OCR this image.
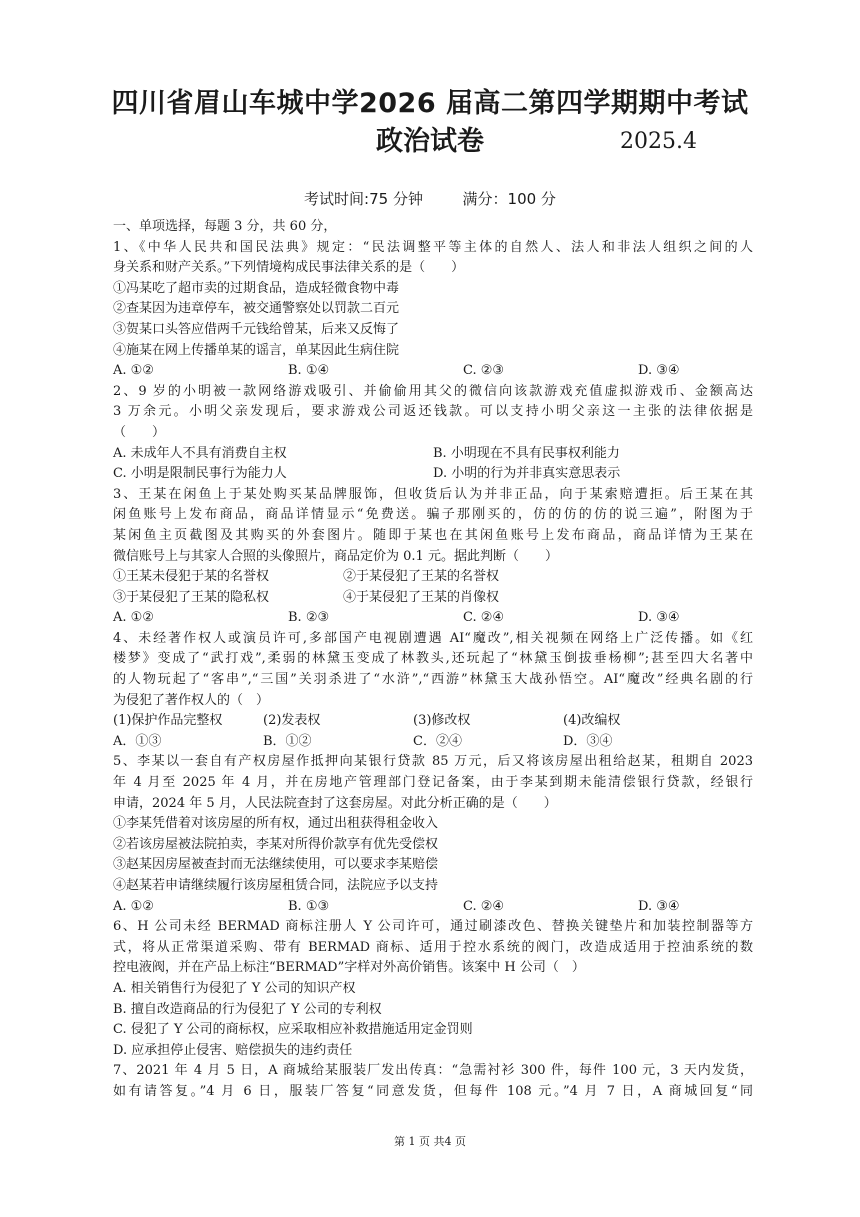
四川省眉山车城中学2026 届高二第四学期期中考试
政治试卷	2025.4
考试时间:75 分钟	满分：100 分
一、单项选择，每题 3 分，共 60 分，
1、《中华人民共和国民法典》规定：“民法调整平等主体的自然人、法人和非法人组织之间的人
身关系和财产关系。”下列情境构成民事法律关系的是（　　）
①冯某吃了超市卖的过期食品，造成轻微食物中毒
②查某因为违章停车，被交通警察处以罚款二百元
③贺某口头答应借两千元钱给曾某，后来又反悔了
④施某在网上传播单某的谣言，单某因此生病住院
A. ①②	B. ①④	C. ②③	D. ③④
2、9 岁的小明被一款网络游戏吸引、并偷偷用其父的微信向该款游戏充值虚拟游戏币、金额高达
3 万余元。小明父亲发现后，要求游戏公司返还钱款。可以支持小明父亲这一主张的法律依据是
（　　）
A. 未成年人不具有消费自主权	B. 小明现在不具有民事权利能力
C. 小明是限制民事行为能力人	D. 小明的行为并非真实意思表示
3、王某在闲鱼上于某处购买某品牌服饰，但收货后认为并非正品，向于某索赔遭拒。后王某在其
闲鱼账号上发布商品，商品详情显示“免费送。骗子那刚买的，仿的仿的仿的说三遍”，附图为于
某闲鱼主页截图及其购买的外套图片。随即于某也在其闲鱼账号上发布商品，商品详情为王某在
微信账号上与其家人合照的头像照片，商品定价为 0.1 元。据此判断（　　）
①王某未侵犯于某的名誉权	②于某侵犯了王某的名誉权
③于某侵犯了王某的隐私权	④于某侵犯了王某的肖像权
A. ①②	B. ②③	C. ②④	D. ③④
4、未经著作权人或演员许可,多部国产电视剧遭遇 AI“魔改”,相关视频在网络上广泛传播。如《红
楼梦》变成了“武打戏”,柔弱的林黛玉变成了林教头,还玩起了“林黛玉倒拔垂杨柳”;甚至四大名著中
的人物玩起了“客串”,“三国”关羽杀进了“水浒”,“西游”林黛玉大战孙悟空。AI“魔改”经典名剧的行
为侵犯了著作权人的（　）
(1)保护作品完整权	(2)发表权	(3)修改权	(4)改编权
A．①③	B．①②	C．②④	D．③④
5、李某以一套自有产权房屋作抵押向某银行贷款 85 万元，后又将该房屋出租给赵某，租期自 2023
年 4 月至 2025 年 4 月，并在房地产管理部门登记备案，由于李某到期未能清偿银行贷款，经银行
申请，2024 年 5 月，人民法院查封了这套房屋。对此分析正确的是（　　）
①李某凭借着对该房屋的所有权，通过出租获得租金收入
②若该房屋被法院拍卖，李某对所得价款享有优先受偿权
③赵某因房屋被查封而无法继续使用，可以要求李某赔偿
④赵某若申请继续履行该房屋租赁合同，法院应予以支持
A. ①②	B. ①③	C. ②④	D. ③④
6、H 公司未经 BERMAD 商标注册人 Y 公司许可，通过刷漆改色、替换关键垫片和加装控制器等方
式，将从正常渠道采购、带有 BERMAD 商标、适用于控水系统的阀门，改造成适用于控油系统的数
控电液阀，并在产品上标注“BERMAD”字样对外高价销售。该案中 H 公司（　）
A. 相关销售行为侵犯了 Y 公司的知识产权
B. 擅自改造商品的行为侵犯了 Y 公司的专利权
C. 侵犯了 Y 公司的商标权，应采取相应补救措施适用定金罚则
D. 应承担停止侵害、赔偿损失的违约责任
7、2021 年 4 月 5 日，A 商城给某服装厂发出传真：“急需衬衫 300 件，每件 100 元，3 天内发货，
如有请答复。”4 月 6 日，服装厂答复“同意发货，但每件 108 元。”4 月 7 日，A 商城回复“同
第 1 页 共4 页
